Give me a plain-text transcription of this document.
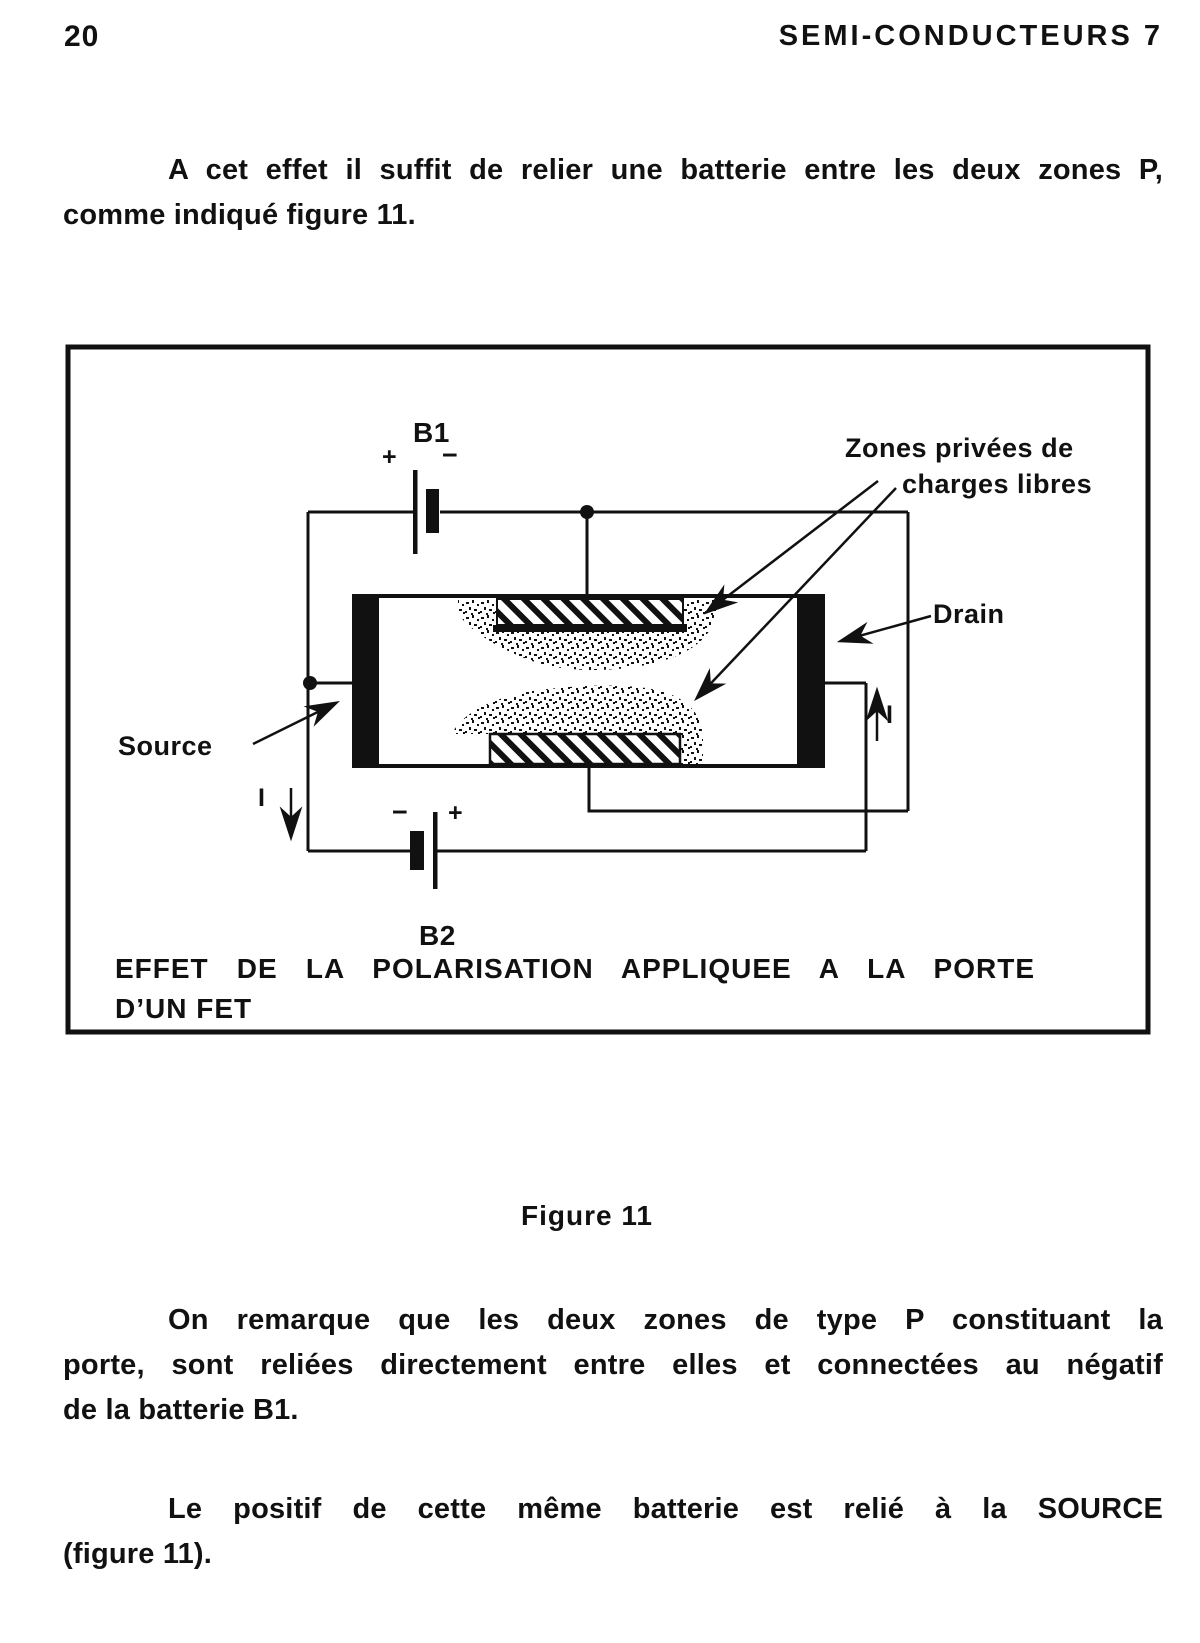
20	SEMI-CONDUCTEURS 7
A cet effet il suffit de relier une batterie entre les deux zones P,
comme indiqué figure 11.
B1
+ −	Zones privées de
charges libres
Drain
Source
I
I
− +
B2
EFFET DE LA POLARISATION APPLIQUEE A LA PORTE
D’UN FET
Figure 11
On remarque que les deux zones de type P constituant la
porte, sont reliées directement entre elles et connectées au négatif
de la batterie B1.
Le positif de cette même batterie est relié à la SOURCE
(figure 11).
